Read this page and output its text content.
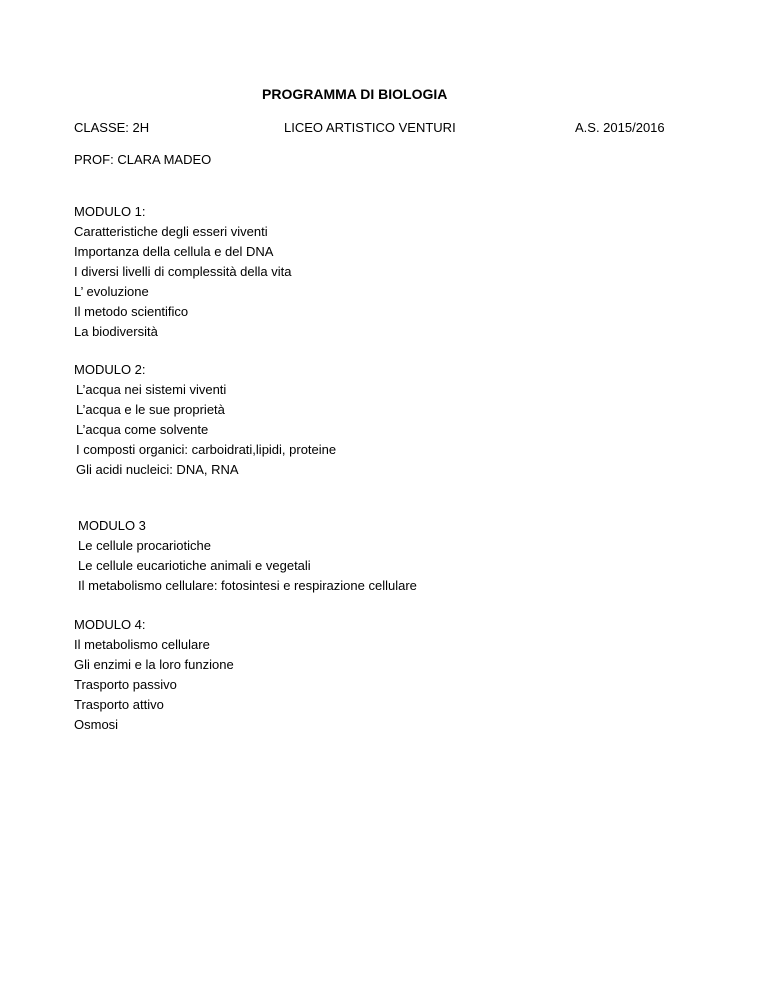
PROGRAMMA DI BIOLOGIA
CLASSE: 2H	LICEO ARTISTICO VENTURI	A.S. 2015/2016
PROF: CLARA MADEO
MODULO 1:
Caratteristiche degli esseri viventi
Importanza della cellula e del DNA
I diversi livelli di complessità della vita
L’ evoluzione
Il metodo scientifico
La biodiversità
MODULO 2:
L’acqua nei sistemi viventi
L’acqua e le sue proprietà
L’acqua come solvente
I composti organici: carboidrati,lipidi, proteine
Gli acidi nucleici: DNA, RNA
MODULO 3
Le cellule procariotiche
Le cellule eucariotiche animali e vegetali
Il metabolismo cellulare: fotosintesi e respirazione cellulare
MODULO 4:
Il metabolismo cellulare
Gli enzimi e la loro funzione
Trasporto passivo
Trasporto attivo
Osmosi
